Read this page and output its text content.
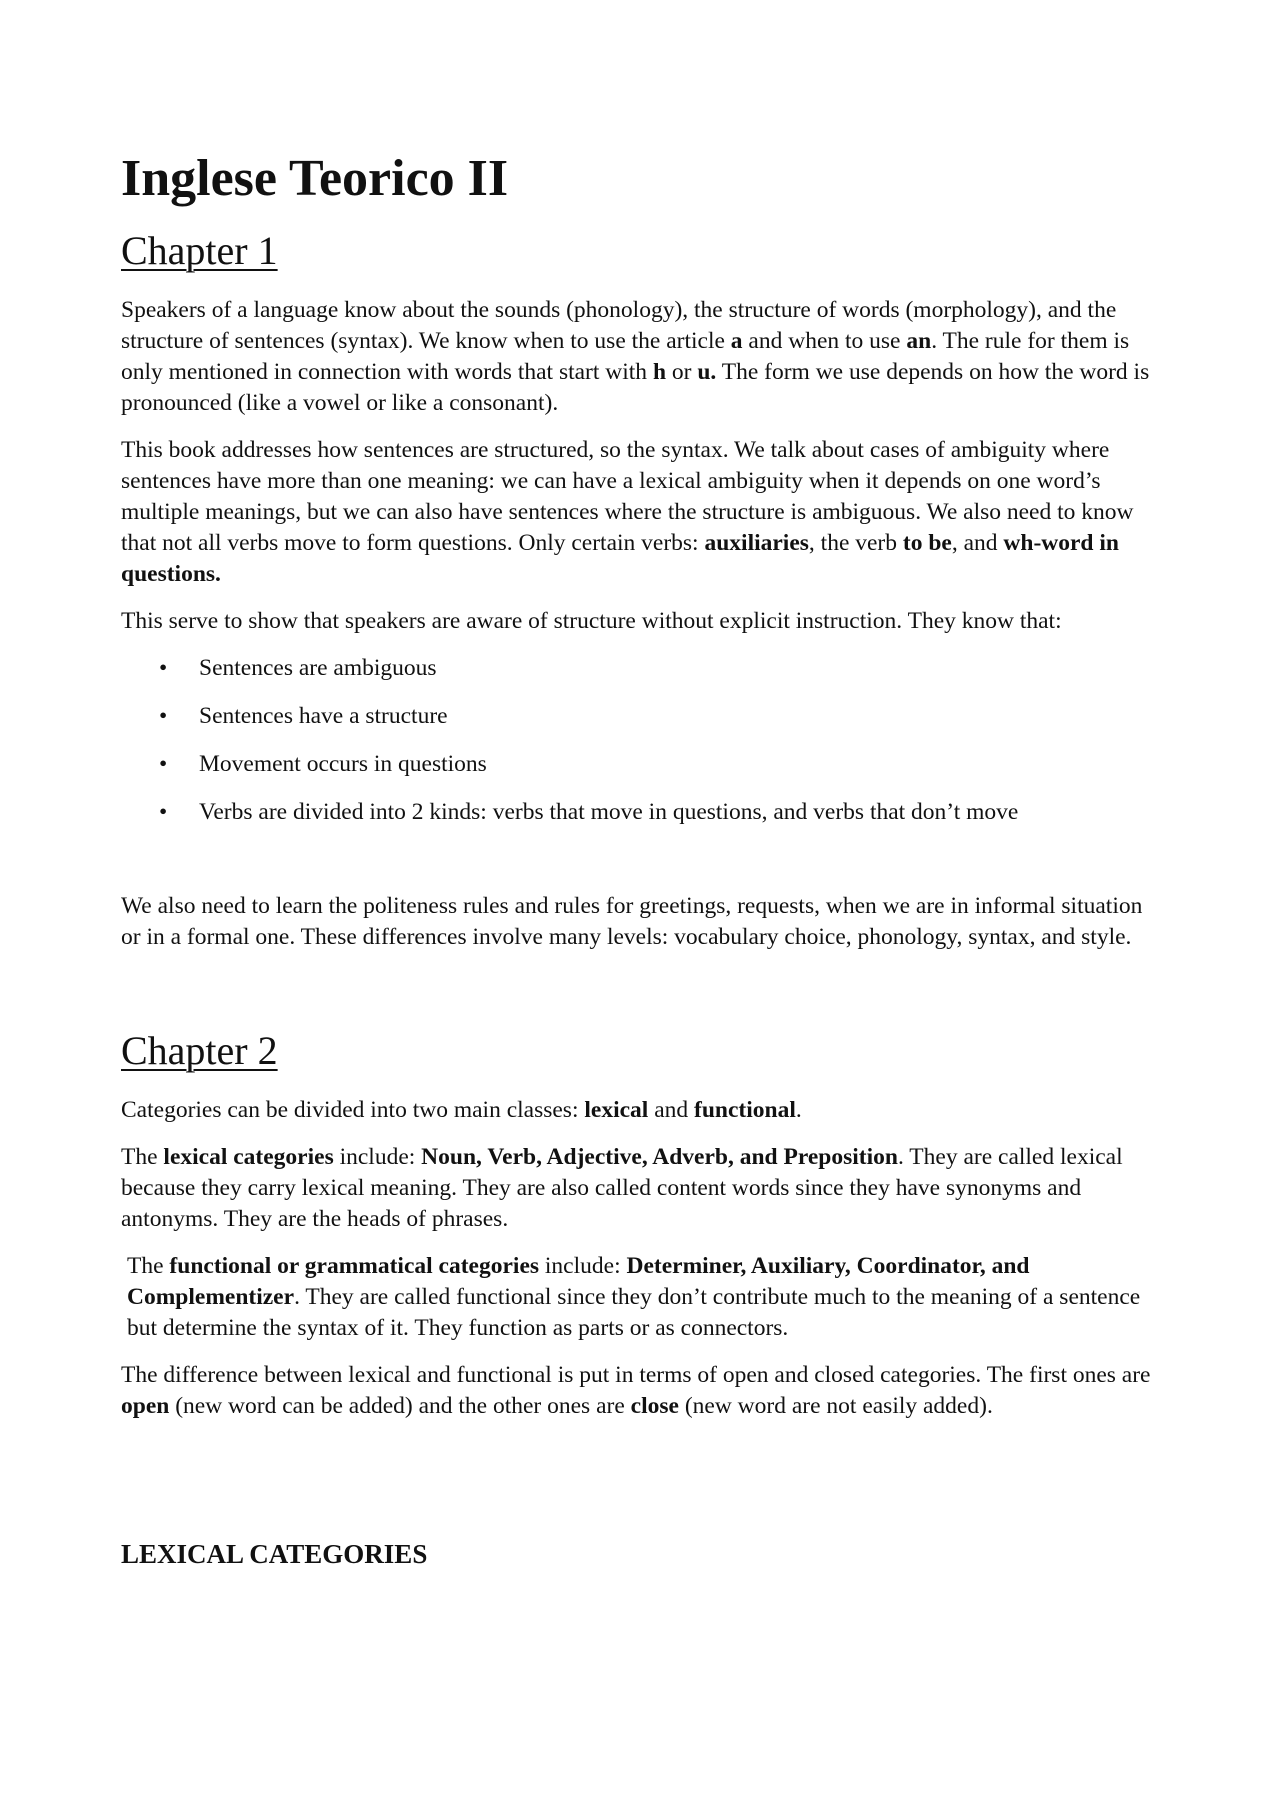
Inglese Teorico II
Chapter 1

Speakers of a language know about the sounds (phonology), the structure of words (morphology), and the structure of sentences (syntax). We know when to use the article a and when to use an. The rule for them is only mentioned in connection with words that start with h or u. The form we use depends on how the word is pronounced (like a vowel or like a consonant).

This book addresses how sentences are structured, so the syntax. We talk about cases of ambiguity where sentences have more than one meaning: we can have a lexical ambiguity when it depends on one word’s multiple meanings, but we can also have sentences where the structure is ambiguous. We also need to know that not all verbs move to form questions. Only certain verbs: auxiliaries, the verb to be, and wh-word in questions.

This serve to show that speakers are aware of structure without explicit instruction. They know that:

• Sentences are ambiguous
• Sentences have a structure
• Movement occurs in questions
• Verbs are divided into 2 kinds: verbs that move in questions, and verbs that don’t move

We also need to learn the politeness rules and rules for greetings, requests, when we are in informal situation or in a formal one. These differences involve many levels: vocabulary choice, phonology, syntax, and style.

Chapter 2

Categories can be divided into two main classes: lexical and functional.

The lexical categories include: Noun, Verb, Adjective, Adverb, and Preposition. They are called lexical because they carry lexical meaning. They are also called content words since they have synonyms and antonyms. They are the heads of phrases.

The functional or grammatical categories include: Determiner, Auxiliary, Coordinator, and Complementizer. They are called functional since they don’t contribute much to the meaning of a sentence but determine the syntax of it. They function as parts or as connectors.

The difference between lexical and functional is put in terms of open and closed categories. The first ones are open (new word can be added) and the other ones are close (new word are not easily added).

LEXICAL CATEGORIES
